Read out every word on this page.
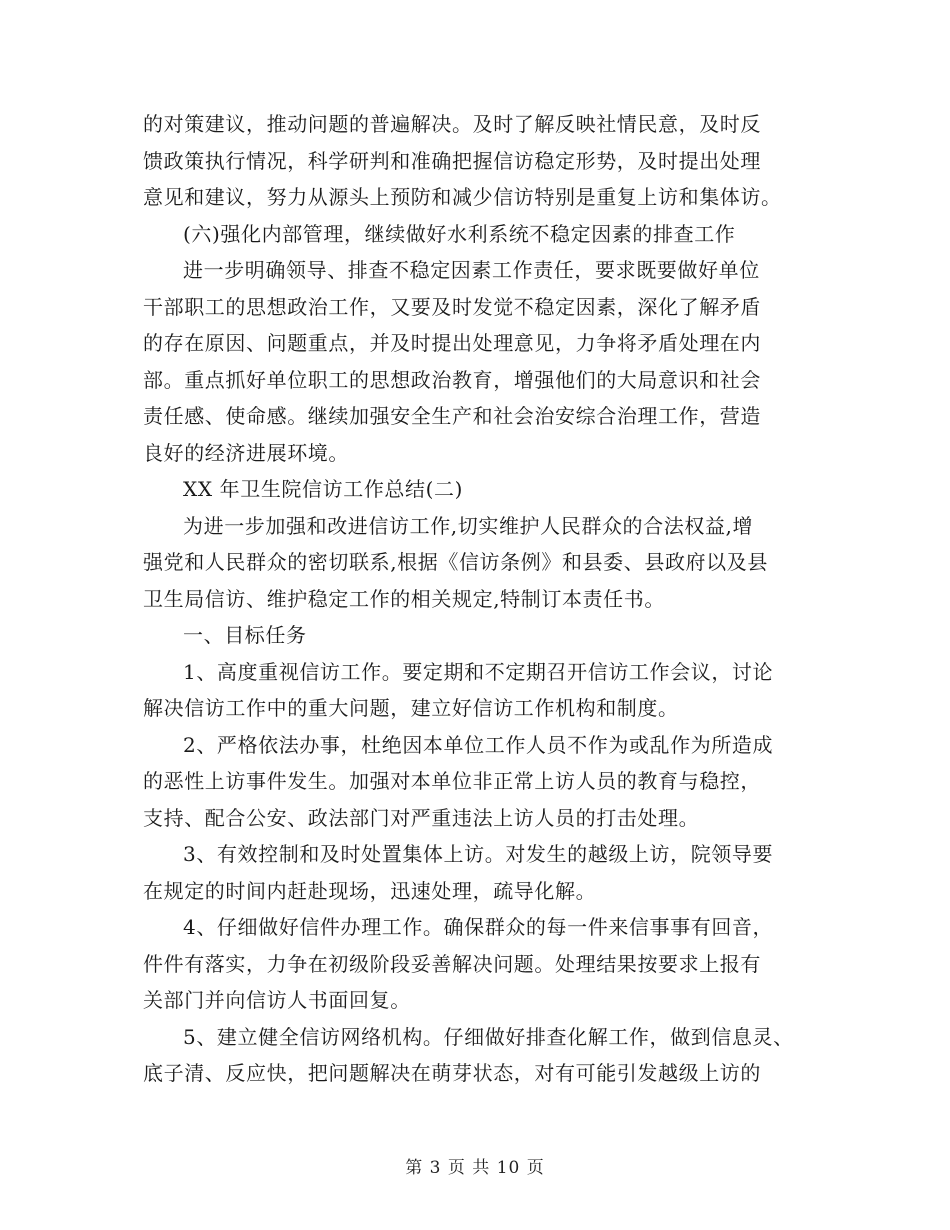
的对策建议，推动问题的普遍解决。及时了解反映社情民意，及时反
馈政策执行情况，科学研判和准确把握信访稳定形势，及时提出处理
意见和建议，努力从源头上预防和减少信访特别是重复上访和集体访。
(六)强化内部管理，继续做好水利系统不稳定因素的排查工作
进一步明确领导、排查不稳定因素工作责任，要求既要做好单位
干部职工的思想政治工作，又要及时发觉不稳定因素，深化了解矛盾
的存在原因、问题重点，并及时提出处理意见，力争将矛盾处理在内
部。重点抓好单位职工的思想政治教育，增强他们的大局意识和社会
责任感、使命感。继续加强安全生产和社会治安综合治理工作，营造
良好的经济进展环境。
XX 年卫生院信访工作总结(二)
为进一步加强和改进信访工作,切实维护人民群众的合法权益,增
强党和人民群众的密切联系,根据《信访条例》和县委、县政府以及县
卫生局信访、维护稳定工作的相关规定,特制订本责任书。
一、目标任务
1、高度重视信访工作。要定期和不定期召开信访工作会议，讨论
解决信访工作中的重大问题，建立好信访工作机构和制度。
2、严格依法办事，杜绝因本单位工作人员不作为或乱作为所造成
的恶性上访事件发生。加强对本单位非正常上访人员的教育与稳控，
支持、配合公安、政法部门对严重违法上访人员的打击处理。
3、有效控制和及时处置集体上访。对发生的越级上访，院领导要
在规定的时间内赶赴现场，迅速处理，疏导化解。
4、仔细做好信件办理工作。确保群众的每一件来信事事有回音，
件件有落实，力争在初级阶段妥善解决问题。处理结果按要求上报有
关部门并向信访人书面回复。
5、建立健全信访网络机构。仔细做好排查化解工作，做到信息灵、
底子清、反应快，把问题解决在萌芽状态，对有可能引发越级上访的
第 3 页 共 10 页
